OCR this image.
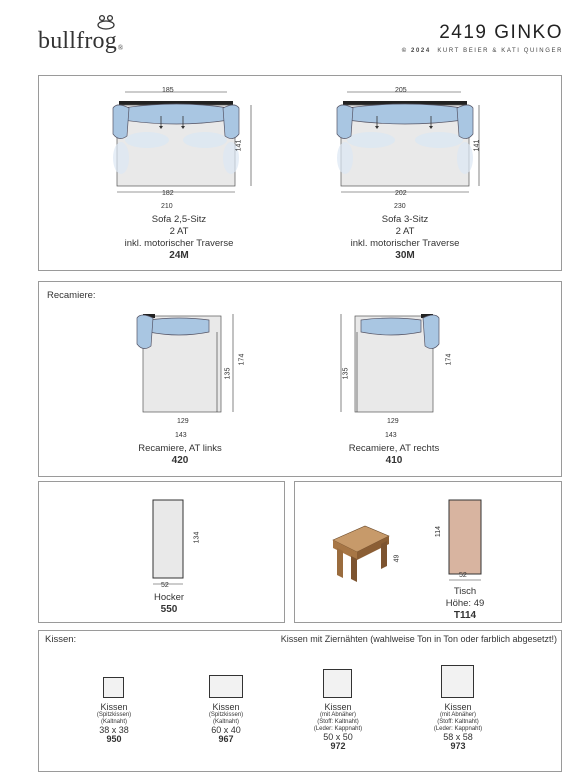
bullfrog®
2419 GINKO
© 2024 KURT BEIER & KATI QUINGER
185
182
210
141
Sofa 2,5-Sitz
2 AT
inkl. motorischer Traverse
24M
205
202
230
141
Sofa 3-Sitz
2 AT
inkl. motorischer Traverse
30M
Recamiere:
129
143
135
174
Recamiere, AT links
420
129
143
135
174
Recamiere, AT rechts
410
134
52
Hocker
550
49
114
52
Tisch
Höhe: 49
T114
Kissen:	Kissen mit Ziernähten (wahlweise Ton in Ton oder farblich abgesetzt!)
Kissen
(Spitzkissen)
(Kaltnaht)
38 x 38
950
Kissen
(Spitzkissen)
(Kaltnaht)
60 x 40
967
Kissen
(mit Abnäher)
(Stoff: Kaltnaht)
(Leder: Kappnaht)
50 x 50
972
Kissen
(mit Abnäher)
(Stoff: Kaltnaht)
(Leder: Kappnaht)
58 x 58
973
